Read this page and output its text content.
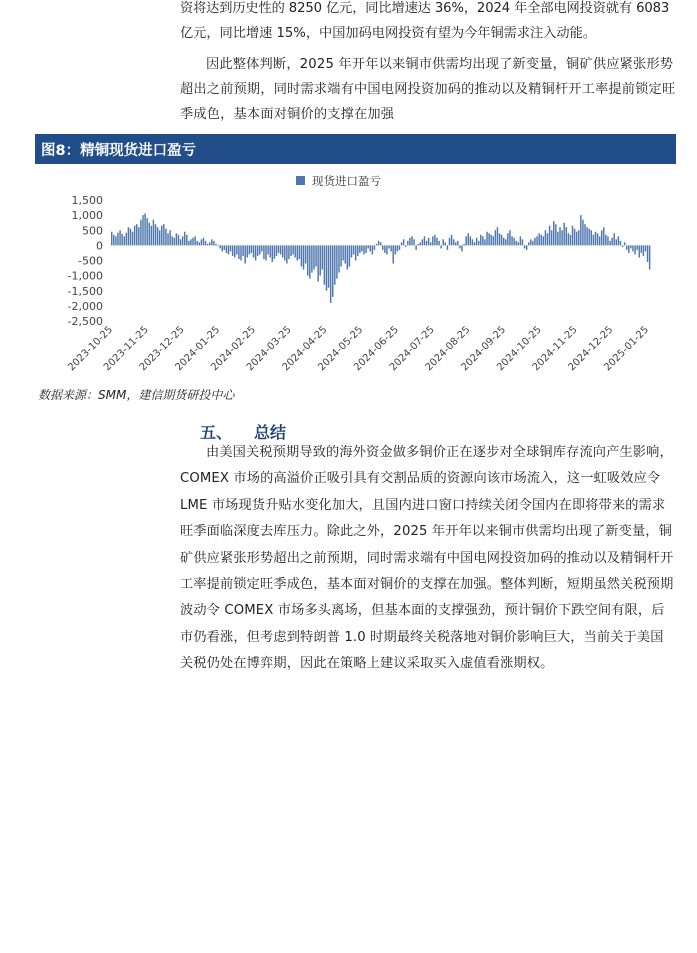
资将达到历史性的 8250 亿元，同比增速达 36%，2024 年全部电网投资就有 6083

亿元，同比增速 15%，中国加码电网投资有望为今年铜需求注入动能。

因此整体判断，2025 年开年以来铜市供需均出现了新变量，铜矿供应紧张形势超出之前预期，同时需求端有中国电网投资加码的推动以及精铜杆开工率提前锁定旺季成色，基本面对铜价的支撑在加强

图8：精铜现货进口盈亏
现货进口盈亏
1,500
1,000
500
0
-500
-1,000
-1,500
-2,000
-2,500
2023-10-25
2023-11-25
2023-12-25
2024-01-25
2024-02-25
2024-03-25
2024-04-25
2024-05-25
2024-06-25
2024-07-25
2024-08-25
2024-09-25
2024-10-25
2024-11-25
2024-12-25
2025-01-25
数据来源：SMM，建信期货研投中心
五、 总结

由美国关税预期导致的海外资金做多铜价正在逐步对全球铜库存流向产生影响，COMEX 市场的高溢价正吸引具有交割品质的资源向该市场流入，这一虹吸效应令 LME 市场现货升贴水变化加大，且国内进口窗口持续关闭令国内在即将带来的需求旺季面临深度去库压力。除此之外，2025 年开年以来铜市供需均出现了新变量，铜矿供应紧张形势超出之前预期，同时需求端有中国电网投资加码的推动以及精铜杆开工率提前锁定旺季成色，基本面对铜价的支撑在加强。整体判断，短期虽然关税预期波动令 COMEX 市场多头离场，但基本面的支撑强劲，预计铜价下跌空间有限，后市仍看涨，但考虑到特朗普 1.0 时期最终关税落地对铜价影响巨大，当前关于美国关税仍处在博弈期，因此在策略上建议采取买入虚值看涨期权。
